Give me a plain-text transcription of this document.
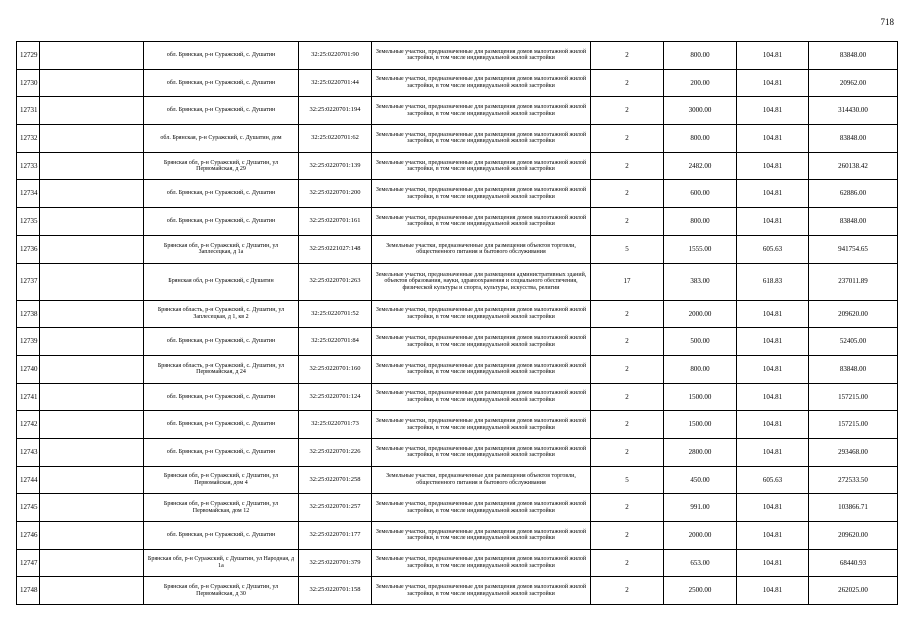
718
12729		обл. Брянская, р-н Суражский, с. Душатин	32:25:0220701:90	Земельные участки, предназначенные для размещения домов малоэтажной жилой застройки, в том числе индивидуальной жилой застройки	2	800.00	104.81	83848.00
12730		обл. Брянская, р-н Суражский, с. Душатин	32:25:0220701:44	Земельные участки, предназначенные для размещения домов малоэтажной жилой застройки, в том числе индивидуальной жилой застройки	2	200.00	104.81	20962.00
12731		обл. Брянская, р-н Суражский, с. Душатин	32:25:0220701:194	Земельные участки, предназначенные для размещения домов малоэтажной жилой застройки, в том числе индивидуальной жилой застройки	2	3000.00	104.81	314430.00
12732		обл. Брянская, р-н Суражский, с. Душатин, дом	32:25:0220701:62	Земельные участки, предназначенные для размещения домов малоэтажной жилой застройки, в том числе индивидуальной жилой застройки	2	800.00	104.81	83848.00
12733		Брянская обл, р-н Суражский, с Душатин, ул Первомайская, д 29	32:25:0220701:139	Земельные участки, предназначенные для размещения домов малоэтажной жилой застройки, в том числе индивидуальной жилой застройки	2	2482.00	104.81	260138.42
12734		обл. Брянская, р-н Суражский, с. Душатин	32:25:0220701:200	Земельные участки, предназначенные для размещения домов малоэтажной жилой застройки, в том числе индивидуальной жилой застройки	2	600.00	104.81	62886.00
12735		обл. Брянская, р-н Суражский, с. Душатин	32:25:0220701:161	Земельные участки, предназначенные для размещения домов малоэтажной жилой застройки, в том числе индивидуальной жилой застройки	2	800.00	104.81	83848.00
12736		Брянская обл, р-н Суражский, с Душатин, ул Заплесецкая, д 1а	32:25:0221027:148	Земельные участки, предназначенные для размещения объектов торговли, общественного питания и бытового обслуживания	5	1555.00	605.63	941754.65
12737		Брянская обл, р-н Суражский, с Душатин	32:25:0220701:263	Земельные участки, предназначенные для размещения административных зданий, объектов образования, науки, здравоохранения и социального обеспечения, физической культуры и спорта, культуры, искусства, религии	17	383.00	618.83	237011.89
12738		Брянская область, р-н Суражский, с. Душатин, ул Заплесецкая, д 1, кв 2	32:25:0220701:52	Земельные участки, предназначенные для размещения домов малоэтажной жилой застройки, в том числе индивидуальной жилой застройки	2	2000.00	104.81	209620.00
12739		обл. Брянская, р-н Суражский, с. Душатин	32:25:0220701:84	Земельные участки, предназначенные для размещения домов малоэтажной жилой застройки, в том числе индивидуальной жилой застройки	2	500.00	104.81	52405.00
12740		Брянская область, р-н Суражский, с. Душатин, ул Первомайская, д 24	32:25:0220701:160	Земельные участки, предназначенные для размещения домов малоэтажной жилой застройки, в том числе индивидуальной жилой застройки	2	800.00	104.81	83848.00
12741		обл. Брянская, р-н Суражский, с. Душатин	32:25:0220701:124	Земельные участки, предназначенные для размещения домов малоэтажной жилой застройки, в том числе индивидуальной жилой застройки	2	1500.00	104.81	157215.00
12742		обл. Брянская, р-н Суражский, с. Душатин	32:25:0220701:73	Земельные участки, предназначенные для размещения домов малоэтажной жилой застройки, в том числе индивидуальной жилой застройки	2	1500.00	104.81	157215.00
12743		обл. Брянская, р-н Суражский, с. Душатин	32:25:0220701:226	Земельные участки, предназначенные для размещения домов малоэтажной жилой застройки, в том числе индивидуальной жилой застройки	2	2800.00	104.81	293468.00
12744		Брянская обл, р-н Суражский, с Душатин, ул Первомайская, дом 4	32:25:0220701:258	Земельные участки, предназначенные для размещения объектов торговли, общественного питания и бытового обслуживания	5	450.00	605.63	272533.50
12745		Брянская обл, р-н Суражский, с Душатин, ул Первомайская, дом 12	32:25:0220701:257	Земельные участки, предназначенные для размещения домов малоэтажной жилой застройки, в том числе индивидуальной жилой застройки	2	991.00	104.81	103866.71
12746		обл. Брянская, р-н Суражский, с. Душатин	32:25:0220701:177	Земельные участки, предназначенные для размещения домов малоэтажной жилой застройки, в том числе индивидуальной жилой застройки	2	2000.00	104.81	209620.00
12747		Брянская обл, р-н Суражский, с Душатин, ул Народная, д 1а	32:25:0220701:379	Земельные участки, предназначенные для размещения домов малоэтажной жилой застройки, в том числе индивидуальной жилой застройки	2	653.00	104.81	68440.93
12748		Брянская обл, р-н Суражский, с Душатин, ул Первомайская, д 30	32:25:0220701:158	Земельные участки, предназначенные для размещения домов малоэтажной жилой застройки, в том числе индивидуальной жилой застройки	2	2500.00	104.81	262025.00
